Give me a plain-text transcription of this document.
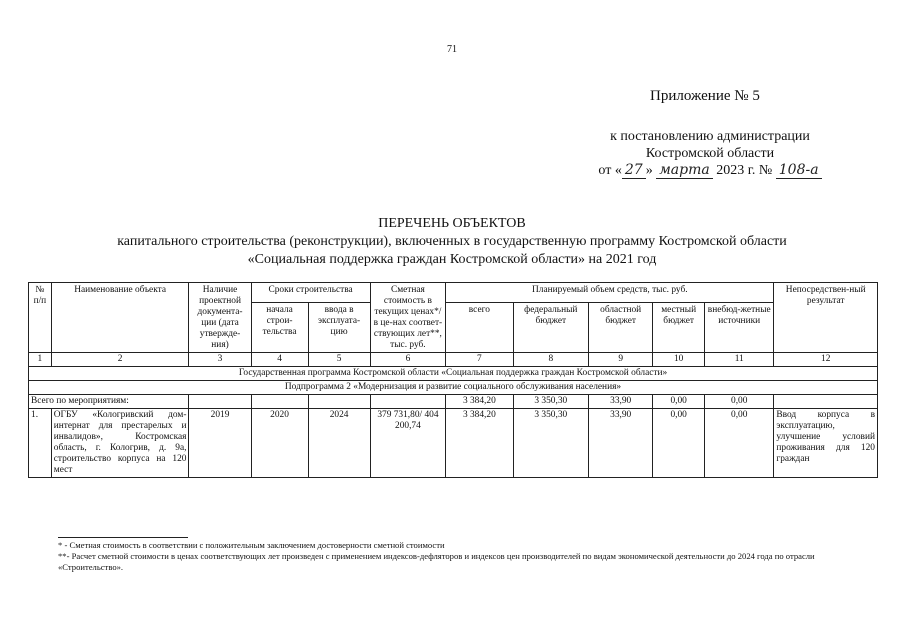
71
Приложение № 5
к постановлению администрации
Костромской области
от « 27 » марта 2023 г. № 108-а
ПЕРЕЧЕНЬ ОБЪЕКТОВ
капитального строительства (реконструкции), включенных в государственную программу Костромской области
«Социальная поддержка граждан Костромской области» на 2021 год
№ п/п	Наименование объекта	Наличие проектной документа-ции (дата утвержде-ния)	Сроки строительства		Сметная стоимость в текущих ценах*/в це-нах соответ-ствующих лет**, тыс. руб.	Планируемый объем средств, тыс. руб.					Непосредствен-ный результат
			начала строи-тельства	ввода в эксплуата-цию		всего	федеральный бюджет	областной бюджет	местный бюджет	внебюд-жетные источники	
1	2	3	4	5	6	7	8	9	10	11	12
Государственная программа Костромской области «Социальная поддержка граждан Костромской области»											
Подпрограмма 2 «Модернизация и развитие социального обслуживания населения»											
Всего по мероприятиям:						3 384,20	3 350,30	33,90	0,00	0,00	
1.	ОГБУ «Кологривский дом-интернат для престарелых и инвалидов», Костромская область, г. Кологрив, д. 9а, строительство корпуса на 120 мест	2019	2020	2024	379 731,80/ 404 200,74	3 384,20	3 350,30	33,90	0,00	0,00	Ввод корпуса в эксплуатацию, улучшение условий проживания для 120 граждан
* - Сметная стоимость в соответствии с положительным заключением достоверности сметной стоимости
**- Расчет сметной стоимости в ценах соответствующих лет произведен с применением индексов-дефляторов и индексов цен производителей по видам экономической деятельности до 2024 года по отрасли «Строительство».
